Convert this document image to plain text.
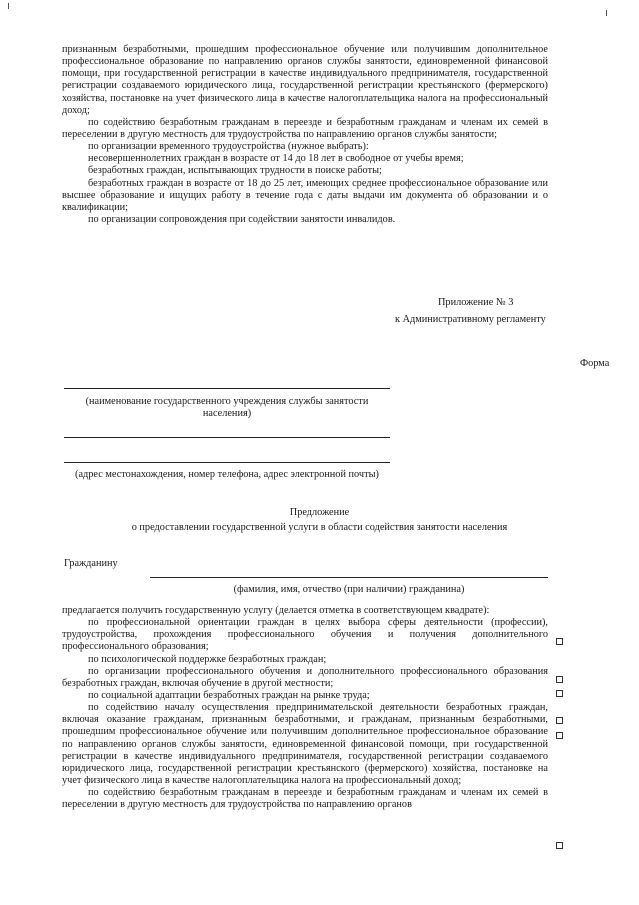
признанным безработными, прошедшим профессиональное обучение или получившим дополнительное профессиональное образование по направлению органов службы занятости, единовременной финансовой помощи, при государственной регистрации в качестве индивидуального предпринимателя, государственной регистрации создаваемого юридического лица, государственной регистрации крестьянского (фермерского) хозяйства, постановке на учет физического лица в качестве налогоплательщика налога на профессиональный доход;

по содействию безработным гражданам в переезде и безработным гражданам и членам их семей в переселении в другую местность для трудоустройства по направлению органов службы занятости;

по организации временного трудоустройства (нужное выбрать):

несовершеннолетних граждан в возрасте от 14 до 18 лет в свободное от учебы время;

безработных граждан, испытывающих трудности в поиске работы;

безработных граждан в возрасте от 18 до 25 лет, имеющих среднее профессиональное образование или высшее образование и ищущих работу в течение года с даты выдачи им документа об образовании и о квалификации;

по организации сопровождения при содействии занятости инвалидов.

Приложение № 3
к Административному регламенту
Форма
(наименование государственного учреждения службы занятости населения)
(адрес местонахождения, номер телефона, адрес электронной почты)
Предложение
о предоставлении государственной услуги в области содействия занятости населения
Гражданину
(фамилия, имя, отчество (при наличии) гражданина)

предлагается получить государственную услугу (делается отметка в соответствующем квадрате):

по профессиональной ориентации граждан в целях выбора сферы деятельности (профессии), трудоустройства, прохождения профессионального обучения и получения дополнительного профессионального образования;

по психологической поддержке безработных граждан;

по организации профессионального обучения и дополнительного профессионального образования безработных граждан, включая обучение в другой местности;

по социальной адаптации безработных граждан на рынке труда;

по содействию началу осуществления предпринимательской деятельности безработных граждан, включая оказание гражданам, признанным безработными, и гражданам, признанным безработными, прошедшим профессиональное обучение или получившим дополнительное профессиональное образование по направлению органов службы занятости, единовременной финансовой помощи, при государственной регистрации в качестве индивидуального предпринимателя, государственной регистрации создаваемого юридического лица, государственной регистрации крестьянского (фермерского) хозяйства, постановке на учет физического лица в качестве налогоплательщика налога на профессиональный доход;

по содействию безработным гражданам в переезде и безработным гражданам и членам их семей в переселении в другую местность для трудоустройства по направлению органов
